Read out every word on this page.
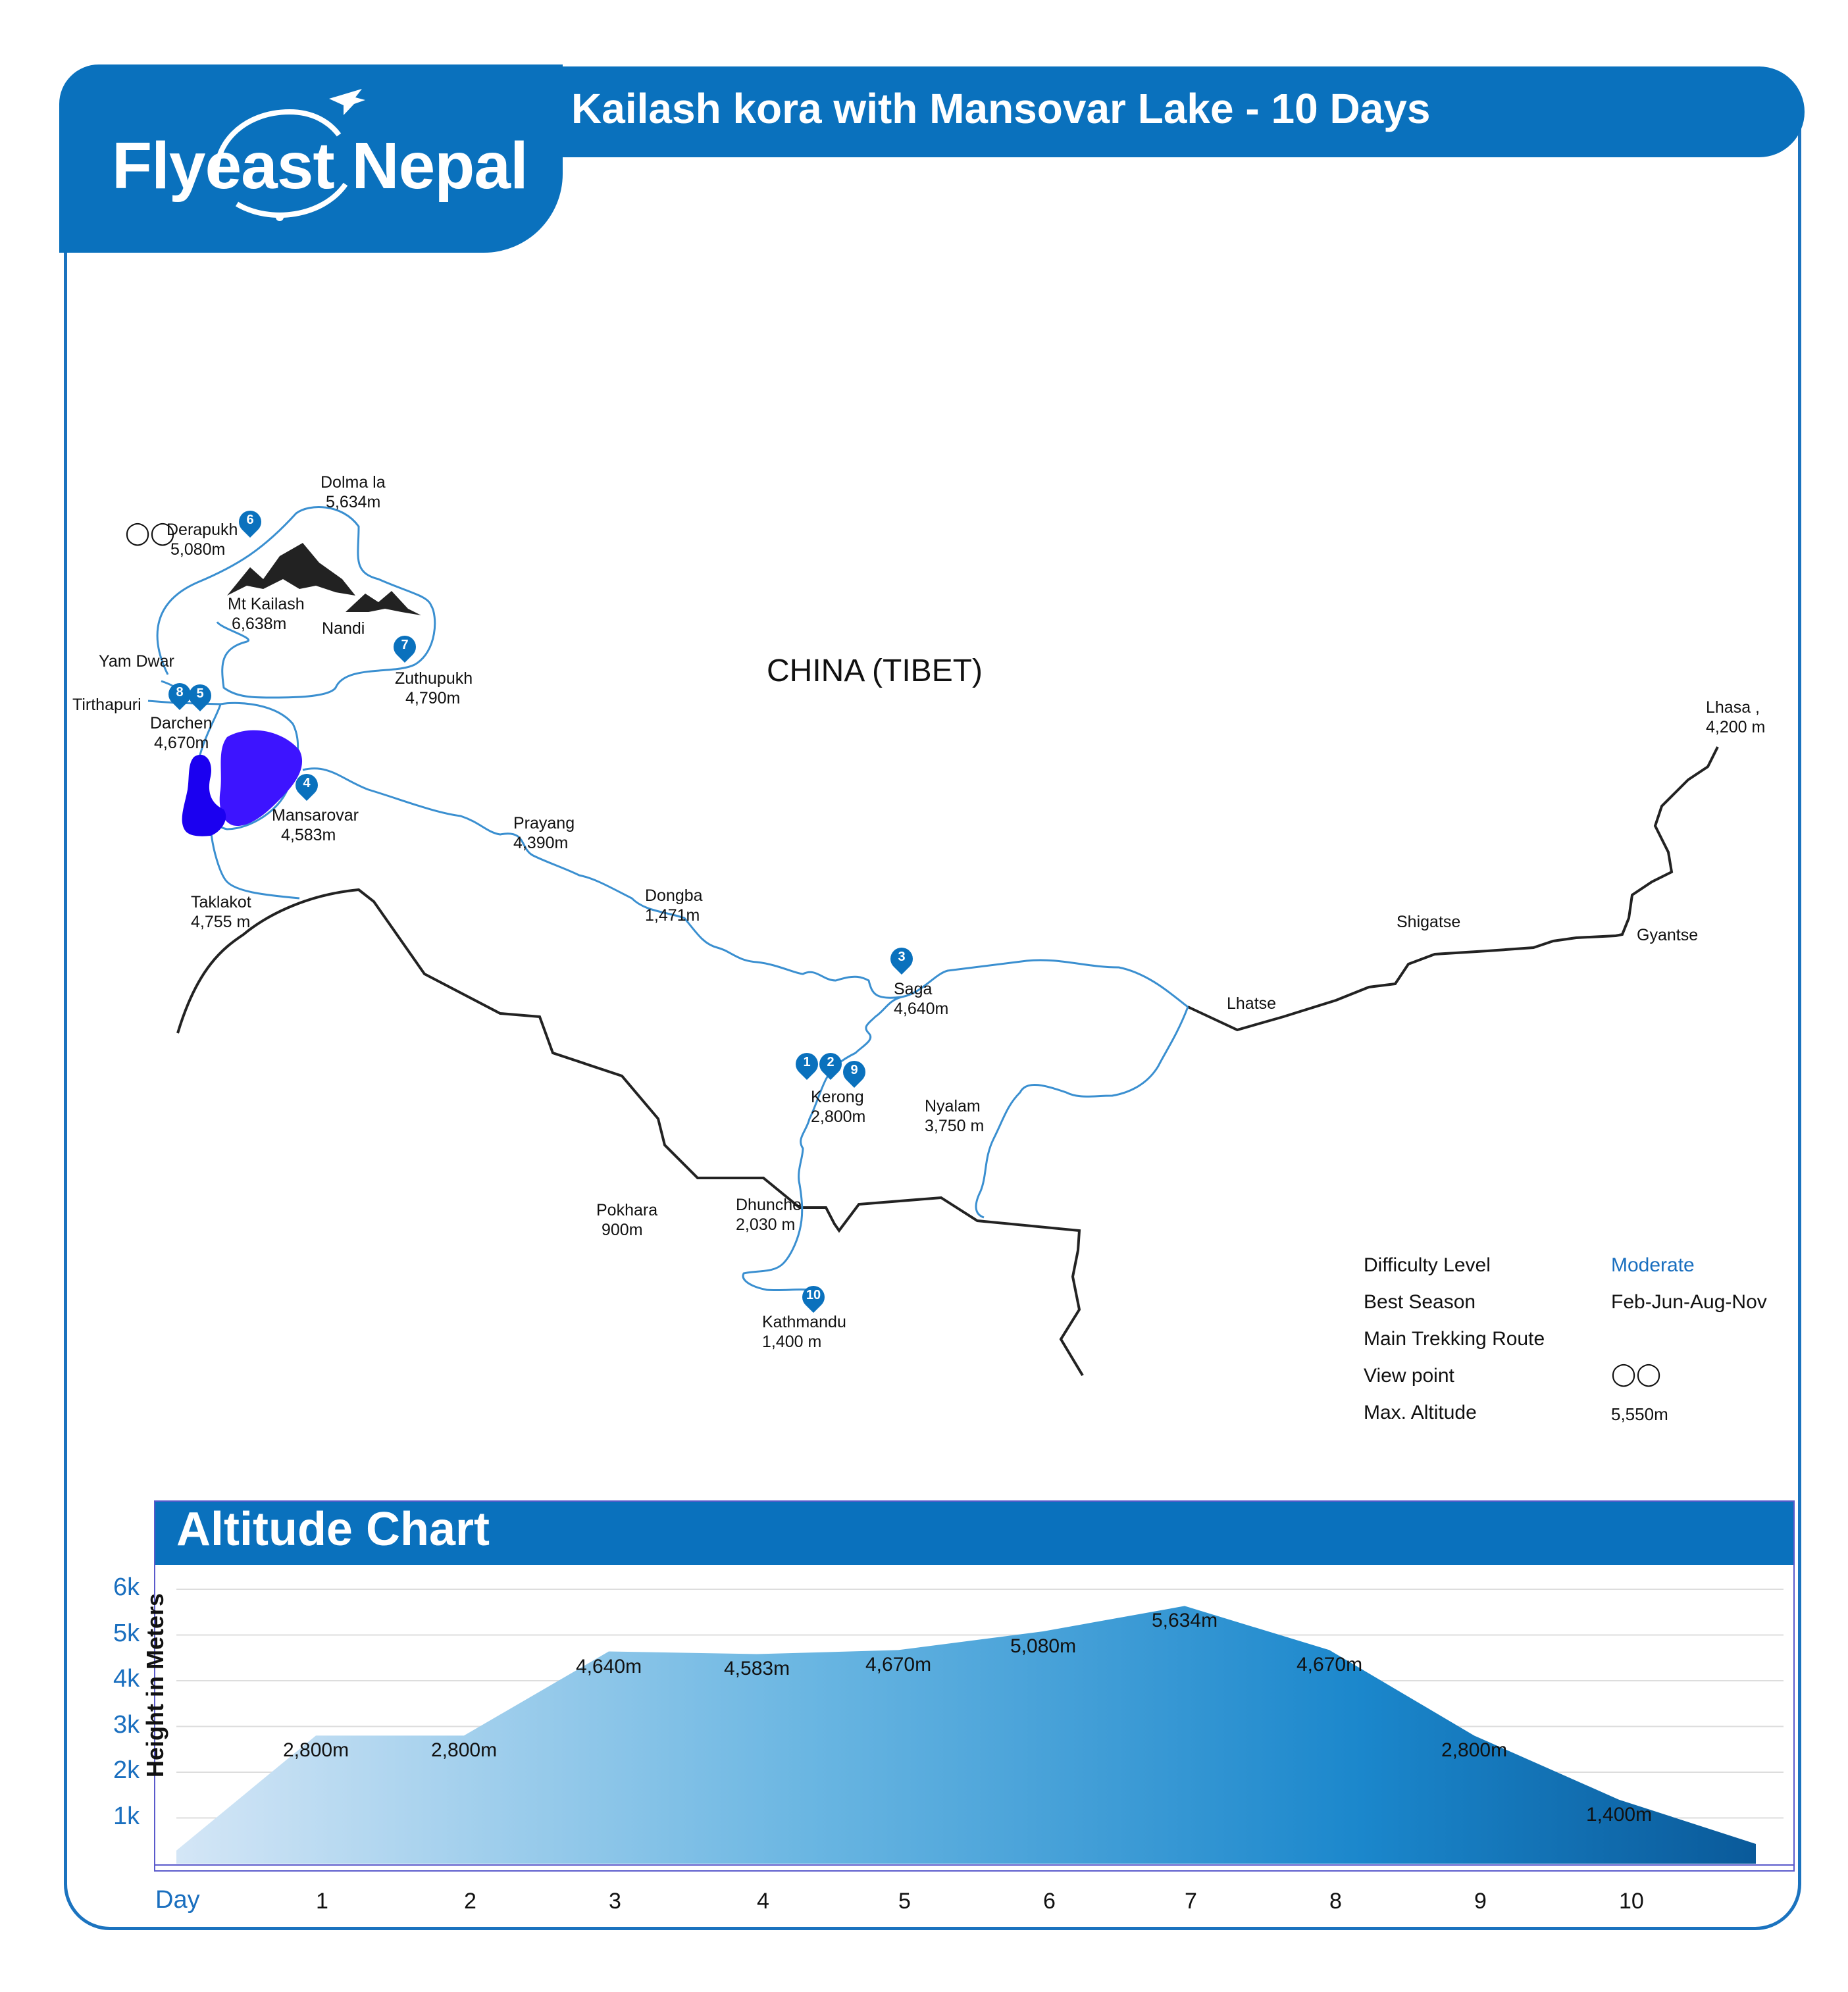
Kailash kora with Mansovar Lake - 10 Days
Flyeast Nepal
CHINA (TIBET)
Dolma la
5,634m
Derapukh
5,080m
Mt Kailash
6,638m	Nandi
Zuthupukh
4,790m
Yam Dwar
Tirthapuri
Darchen
4,670m
Mansarovar
4,583m
Prayang
4,390m
Taklakot
4,755 m
Dongba
1,471m
Saga
4,640m
Kerong
2,800m
Nyalam
3,750 m
Pokhara
900m
Dhunche
2,030 m
Kathmandu
1,400 m
Lhatse
Shigatse
Gyantse
Lhasa ,
4,200 m
◯◯
1	2
3
4
5
6
7
8
9
10
Difficulty Level	Moderate
Best Season	Feb-Jun-Aug-Nov
Main Trekking Route
View point	◯◯
Max. Altitude	5,550m
Altitude Chart
Height in Meters
Day
1k
2k
3k
4k
5k
6k
2,800m
1
2,800m
2
4,640m
3
4,583m
4
4,670m
5
5,080m
6
5,634m
7
4,670m
8
2,800m
9
1,400m
10
